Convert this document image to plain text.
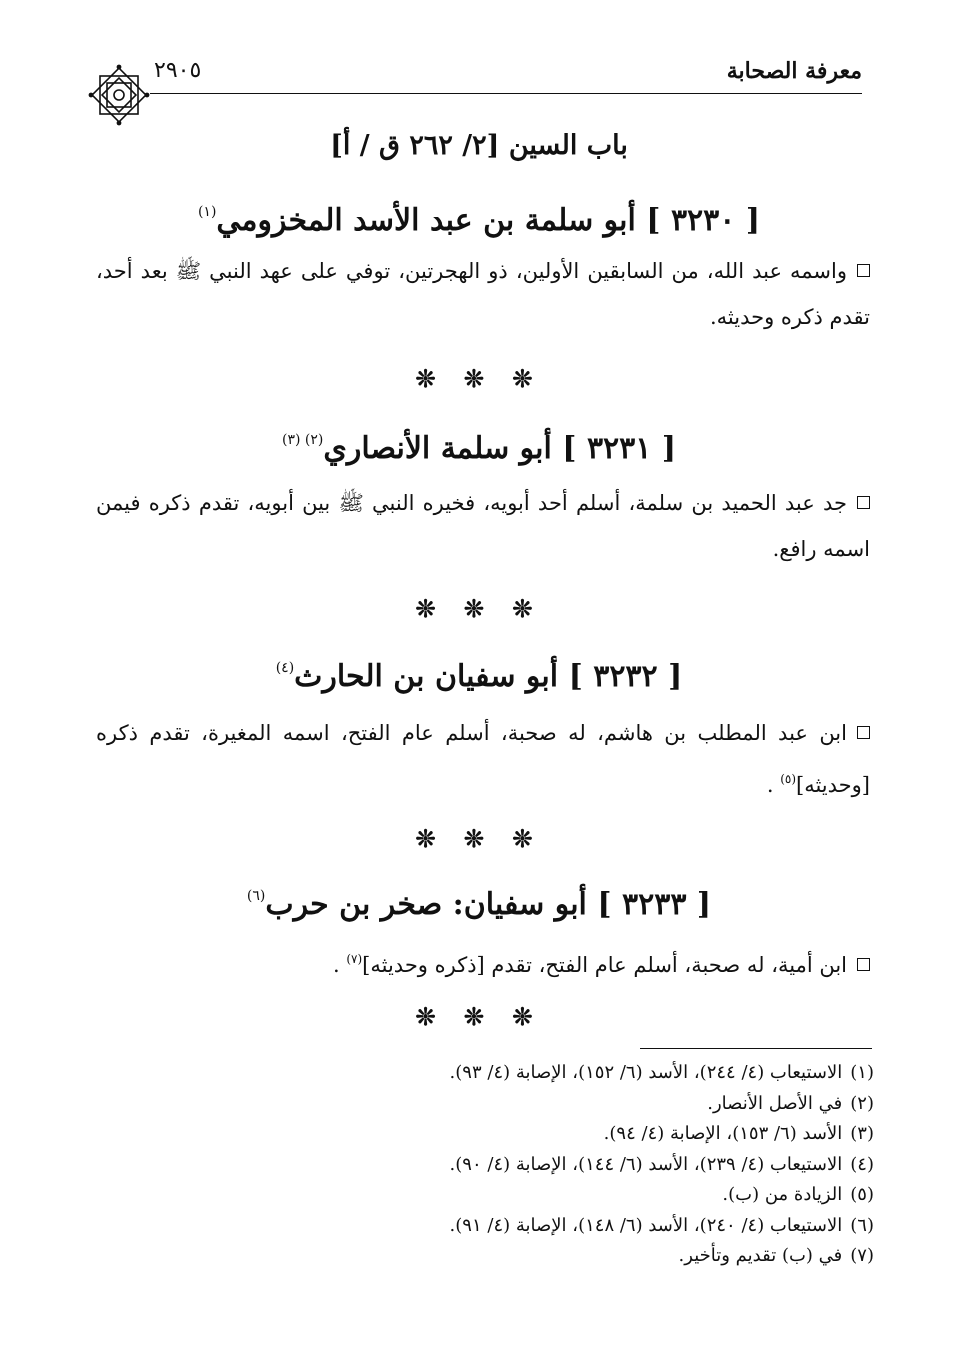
معرفة الصحابة
٢٩٠٥
باب السين [٢/ ٢٦٢ ق / أ]
[ ٣٢٣٠ ] أبو سلمة بن عبد الأسد المخزومي$^{(١)}$
واسمه عبد الله، من السابقين الأولين، ذو الهجرتين، توفي على عهد النبي ﷺ بعد أحد، تقدم ذكره وحديثه.
❊ ❊ ❊
[ ٣٢٣١ ] أبو سلمة الأنصاري$^{(٢) (٣)}$
جد عبد الحميد بن سلمة، أسلم أحد أبويه، فخيره النبي ﷺ بين أبويه، تقدم ذكره فيمن اسمه رافع.
❊ ❊ ❊
[ ٣٢٣٢ ] أبو سفيان بن الحارث$^{(٤)}$
ابن عبد المطلب بن هاشم، له صحبة، أسلم عام الفتح، اسمه المغيرة، تقدم ذكره [وحديثه]$^{(٥)}$ .
❊ ❊ ❊
[ ٣٢٣٣ ] أبو سفيان: صخر بن حرب$^{(٦)}$
ابن أمية، له صحبة، أسلم عام الفتح، تقدم [ذكره وحديثه]$^{(٧)}$ .
❊ ❊ ❊
(١)الاستيعاب (٤/ ٢٤٤)، الأسد (٦/ ١٥٢)، الإصابة (٤/ ٩٣).
(٢)في الأصل الأنصار.
(٣)الأسد (٦/ ١٥٣)، الإصابة (٤/ ٩٤).
(٤)الاستيعاب (٤/ ٢٣٩)، الأسد (٦/ ١٤٤)، الإصابة (٤/ ٩٠).
(٥)الزيادة من (ب).
(٦)الاستيعاب (٤/ ٢٤٠)، الأسد (٦/ ١٤٨)، الإصابة (٤/ ٩١).
(٧)في (ب) تقديم وتأخير.
